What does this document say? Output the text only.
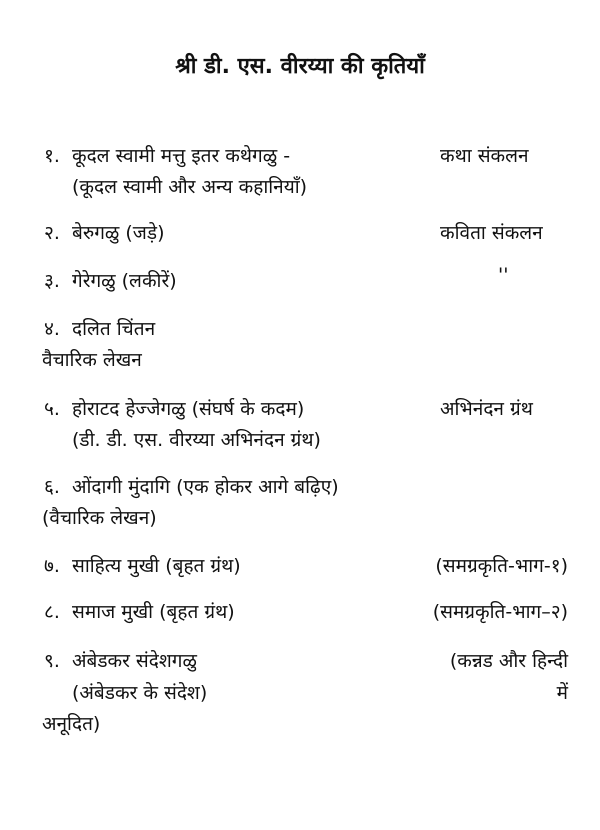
श्री डी. एस. वीरय्या की कृतियाँ
१. कूदल स्वामी मत्तु इतर कथेगळु -	कथा संकलन
(कूदल स्वामी और अन्य कहानियाँ)
२. बेरुगळु (जड़े)	कविता संकलन
३. गेरेगळु (लकीरें)	''
४. दलित चिंतन
वैचारिक लेखन
५. होराटद हेज्जेगळु (संघर्ष के कदम)	अभिनंदन ग्रंथ
(डी. डी. एस. वीरय्या अभिनंदन ग्रंथ)
६. ओंदागी मुंदागि (एक होकर आगे बढ़िए)
(वैचारिक लेखन)
७. साहित्य मुखी (बृहत ग्रंथ)	(समग्रकृति-भाग-१)
८. समाज मुखी (बृहत ग्रंथ)	(समग्रकृति-भाग–२)
९. अंबेडकर संदेशगळु	(कन्नड और हिन्दी
(अंबेडकर के संदेश)	में
अनूदित)
